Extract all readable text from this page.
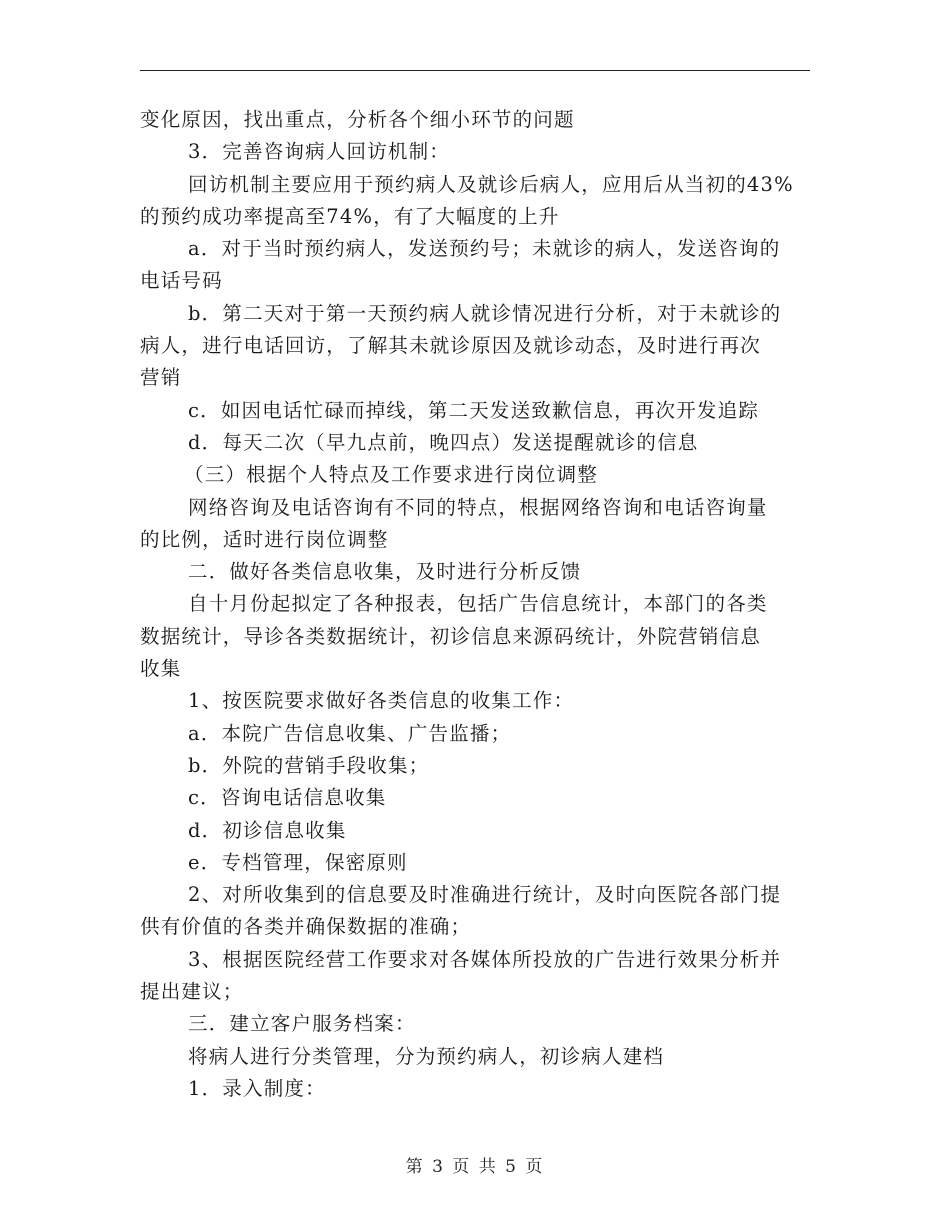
变化原因，找出重点，分析各个细小环节的问题

3．完善咨询病人回访机制：

回访机制主要应用于预约病人及就诊后病人，应用后从当初的43%

的预约成功率提高至74%，有了大幅度的上升

a．对于当时预约病人，发送预约号；未就诊的病人，发送咨询的

电话号码

b．第二天对于第一天预约病人就诊情况进行分析，对于未就诊的

病人，进行电话回访，了解其未就诊原因及就诊动态，及时进行再次

营销

c．如因电话忙碌而掉线，第二天发送致歉信息，再次开发追踪

d．每天二次（早九点前，晚四点）发送提醒就诊的信息

（三）根据个人特点及工作要求进行岗位调整

网络咨询及电话咨询有不同的特点，根据网络咨询和电话咨询量

的比例，适时进行岗位调整

二．做好各类信息收集，及时进行分析反馈

自十月份起拟定了各种报表，包括广告信息统计，本部门的各类

数据统计，导诊各类数据统计，初诊信息来源码统计，外院营销信息

收集

1、按医院要求做好各类信息的收集工作：

a．本院广告信息收集、广告监播；

b．外院的营销手段收集；

c．咨询电话信息收集

d．初诊信息收集

e．专档管理，保密原则

2、对所收集到的信息要及时准确进行统计，及时向医院各部门提

供有价值的各类并确保数据的准确；

3、根据医院经营工作要求对各媒体所投放的广告进行效果分析并

提出建议；

三．建立客户服务档案：

将病人进行分类管理，分为预约病人，初诊病人建档

1．录入制度：

第 3 页 共 5 页
